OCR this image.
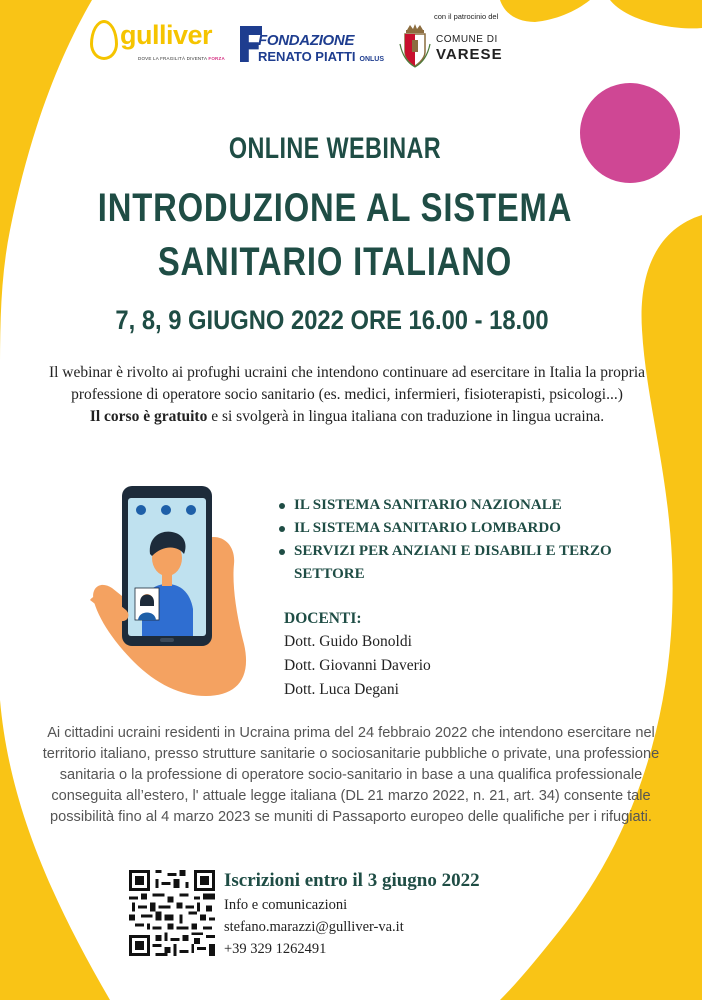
gulliver
DOVE LA FRAGILITÀ DIVENTA FORZA
FONDAZIONE
RENATO PIATTI ONLUS
con il patrocinio del
COMUNE DI
VARESE
ONLINE WEBINAR
INTRODUZIONE AL SISTEMA
SANITARIO ITALIANO
7, 8, 9 GIUGNO 2022 ORE 16.00 - 18.00
Il webinar è rivolto ai profughi ucraini che intendono continuare ad esercitare in Italia la propria professione di operatore socio sanitario (es. medici, infermieri, fisioterapisti, psicologi...)
Il corso è gratuito e si svolgerà in lingua italiana con traduzione in lingua ucraina.
IL SISTEMA SANITARIO NAZIONALE
IL SISTEMA SANITARIO LOMBARDO
SERVIZI PER ANZIANI E DISABILI E TERZO SETTORE
DOCENTI:
Dott. Guido Bonoldi
Dott. Giovanni Daverio
Dott. Luca Degani
Ai cittadini ucraini residenti in Ucraina prima del 24 febbraio 2022 che intendono esercitare nel territorio italiano, presso strutture sanitarie o sociosanitarie pubbliche o private, una professione sanitaria o la professione di operatore socio-sanitario in base a una qualifica professionale conseguita all’estero, l' attuale legge italiana (DL 21 marzo 2022, n. 21, art. 34) consente tale possibilità fino al 4 marzo 2023 se muniti di Passaporto europeo delle qualifiche per i rifugiati.
Iscrizioni entro il 3 giugno 2022
Info e comunicazioni
stefano.marazzi@gulliver-va.it
+39 329 1262491
